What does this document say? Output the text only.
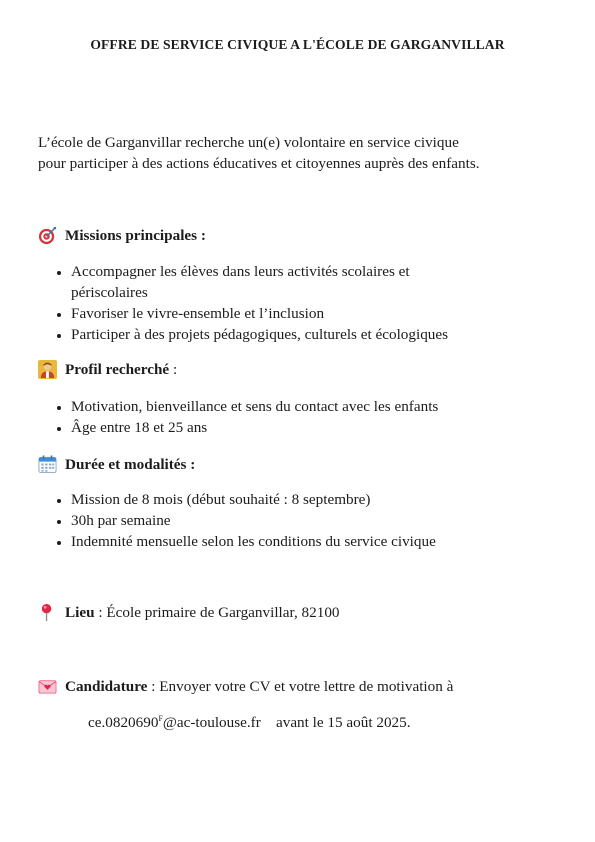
OFFRE DE SERVICE CIVIQUE A L'ÉCOLE DE GARGANVILLAR

L’école de Garganvillar recherche un(e) volontaire en service civique

pour participer à des actions éducatives et citoyennes auprès des enfants.

Missions principales :
Accompagner les élèves dans leurs activités scolaires et
périscolaires
Favoriser le vivre-ensemble et l’inclusion
Participer à des projets pédagogiques, culturels et écologiques
Profil recherché :
Motivation, bienveillance et sens du contact avec les enfants
Âge entre 18 et 25 ans
Durée et modalités :
Mission de 8 mois (début souhaité : 8 septembre)
30h par semaine
Indemnité mensuelle selon les conditions du service civique
Lieu : École primaire de Garganvillar, 82100
Candidature : Envoyer votre CV et votre lettre de motivation à
$ce.0820690^F@ac-toulouse.fr$ avant le 15 août 2025.
